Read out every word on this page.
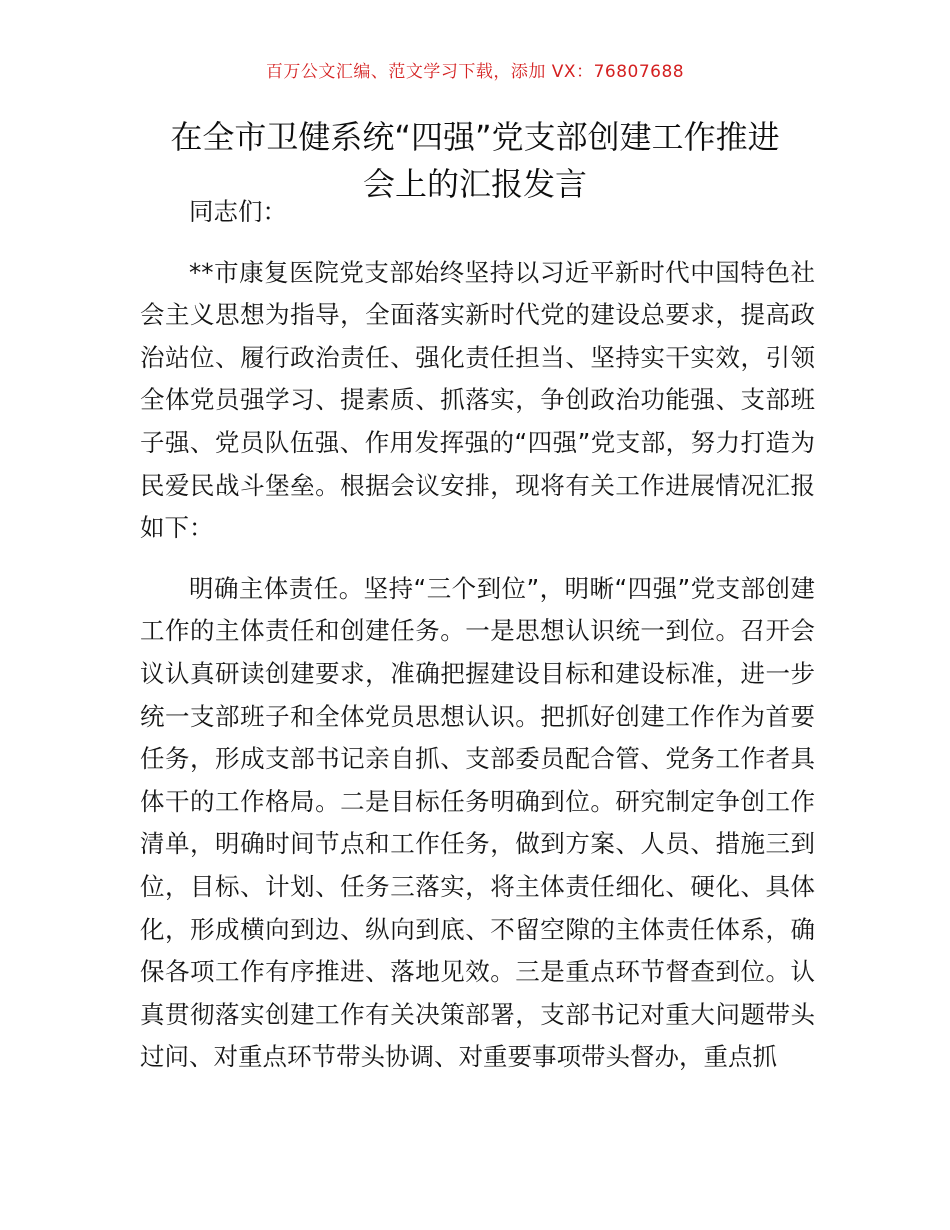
百万公文汇编、范文学习下载，添加 VX：76807688
在全市卫健系统“四强”党支部创建工作推进
会上的汇报发言

同志们：

**市康复医院党支部始终坚持以习近平新时代中国特色社会主义思想为指导，全面落实新时代党的建设总要求，提高政治站位、履行政治责任、强化责任担当、坚持实干实效，引领全体党员强学习、提素质、抓落实，争创政治功能强、支部班子强、党员队伍强、作用发挥强的“四强”党支部，努力打造为民爱民战斗堡垒。根据会议安排，现将有关工作进展情况汇报如下：

明确主体责任。坚持“三个到位”，明晰“四强”党支部创建工作的主体责任和创建任务。一是思想认识统一到位。召开会议认真研读创建要求，准确把握建设目标和建设标准，进一步统一支部班子和全体党员思想认识。把抓好创建工作作为首要任务，形成支部书记亲自抓、支部委员配合管、党务工作者具体干的工作格局。二是目标任务明确到位。研究制定争创工作清单，明确时间节点和工作任务，做到方案、人员、措施三到位，目标、计划、任务三落实，将主体责任细化、硬化、具体化，形成横向到边、纵向到底、不留空隙的主体责任体系，确保各项工作有序推进、落地见效。三是重点环节督查到位。认真贯彻落实创建工作有关决策部署，支部书记对重大问题带头过问、对重点环节带头协调、对重要事项带头督办，重点抓
